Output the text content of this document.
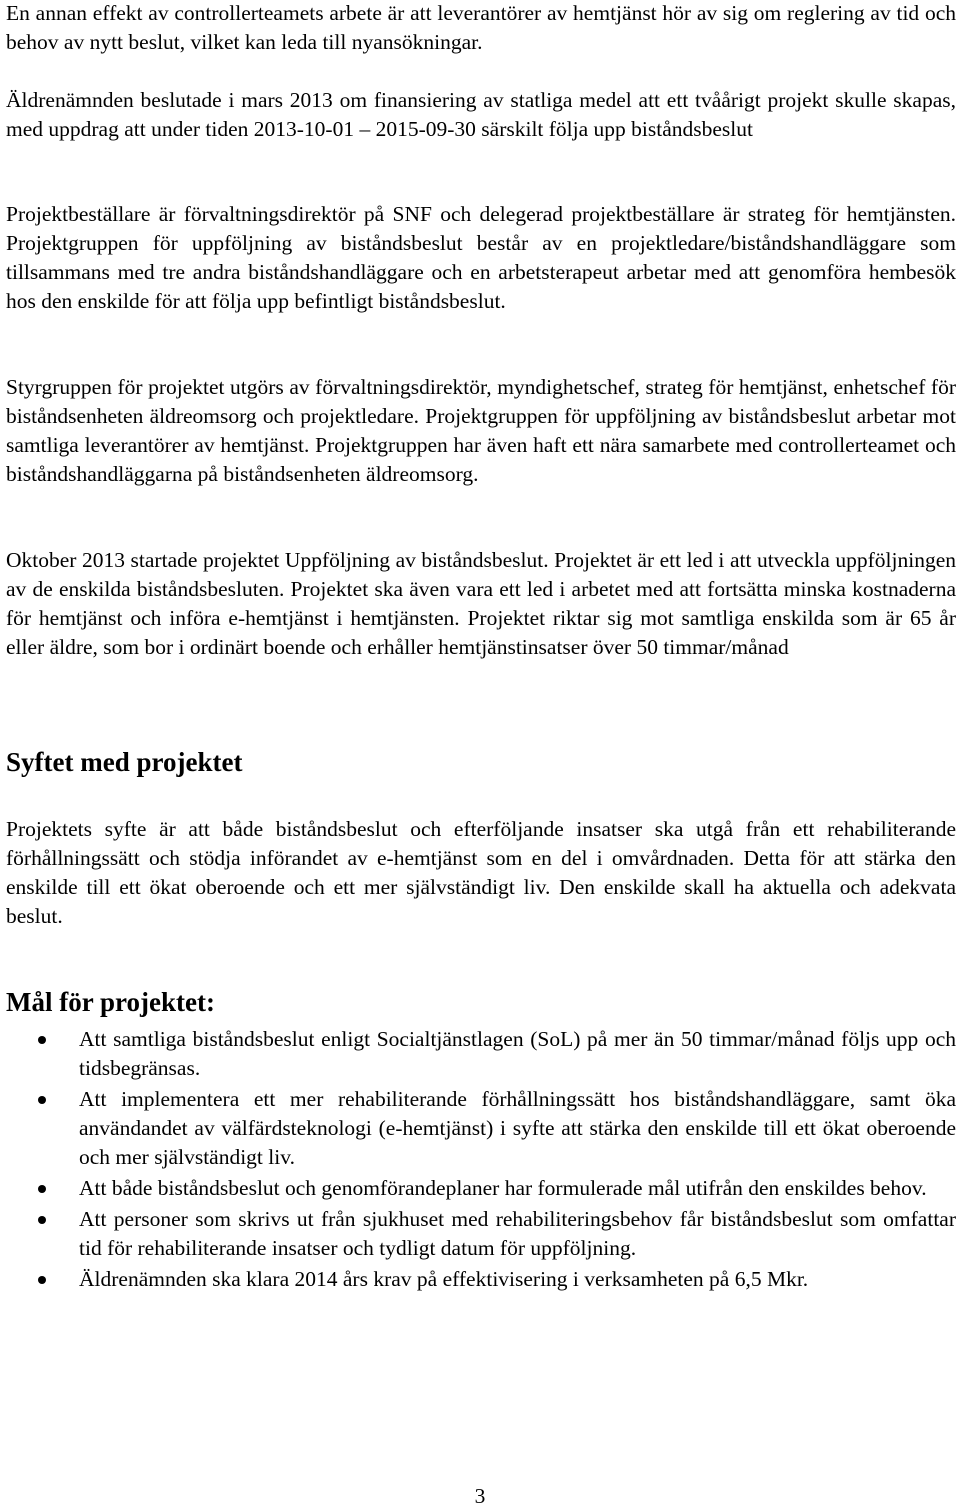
En annan effekt av controllerteamets arbete är att leverantörer av hemtjänst hör av sig om reglering av tid och behov av nytt beslut, vilket kan leda till nyansökningar.

Äldrenämnden beslutade i mars 2013 om finansiering av statliga medel att ett tvåårigt projekt skulle skapas, med uppdrag att under tiden 2013-10-01 – 2015-09-30 särskilt följa upp biståndsbeslut

Projektbeställare är förvaltningsdirektör på SNF och delegerad projektbeställare är strateg för hemtjänsten. Projektgruppen för uppföljning av biståndsbeslut består av en projektledare/biståndshandläggare som tillsammans med tre andra biståndshandläggare och en arbetsterapeut arbetar med att genomföra hembesök hos den enskilde för att följa upp befintligt biståndsbeslut.

Styrgruppen för projektet utgörs av förvaltningsdirektör, myndighetschef, strateg för hemtjänst, enhetschef för biståndsenheten äldreomsorg och projektledare. Projektgruppen för uppföljning av biståndsbeslut arbetar mot samtliga leverantörer av hemtjänst. Projektgruppen har även haft ett nära samarbete med controllerteamet och biståndshandläggarna på biståndsenheten äldreomsorg.

Oktober 2013 startade projektet Uppföljning av biståndsbeslut. Projektet är ett led i att utveckla uppföljningen av de enskilda biståndsbesluten. Projektet ska även vara ett led i arbetet med att fortsätta minska kostnaderna för hemtjänst och införa e-hemtjänst i hemtjänsten. Projektet riktar sig mot samtliga enskilda som är 65 år eller äldre, som bor i ordinärt boende och erhåller hemtjänstinsatser över 50 timmar/månad

Syftet med projektet

Projektets syfte är att både biståndsbeslut och efterföljande insatser ska utgå från ett rehabiliterande förhållningssätt och stödja införandet av e-hemtjänst som en del i omvårdnaden. Detta för att stärka den enskilde till ett ökat oberoende och ett mer självständigt liv. Den enskilde skall ha aktuella och adekvata beslut.

Mål för projektet:
Att samtliga biståndsbeslut enligt Socialtjänstlagen (SoL) på mer än 50 timmar/månad följs upp och tidsbegränsas.
Att implementera ett mer rehabiliterande förhållningssätt hos biståndshandläggare, samt öka användandet av välfärdsteknologi (e-hemtjänst) i syfte att stärka den enskilde till ett ökat oberoende och mer självständigt liv.
Att både biståndsbeslut och genomförandeplaner har formulerade mål utifrån den enskildes behov.
Att personer som skrivs ut från sjukhuset med rehabiliteringsbehov får biståndsbeslut som omfattar tid för rehabiliterande insatser och tydligt datum för uppföljning.
Äldrenämnden ska klara 2014 års krav på effektivisering i verksamheten på 6,5 Mkr.
3
